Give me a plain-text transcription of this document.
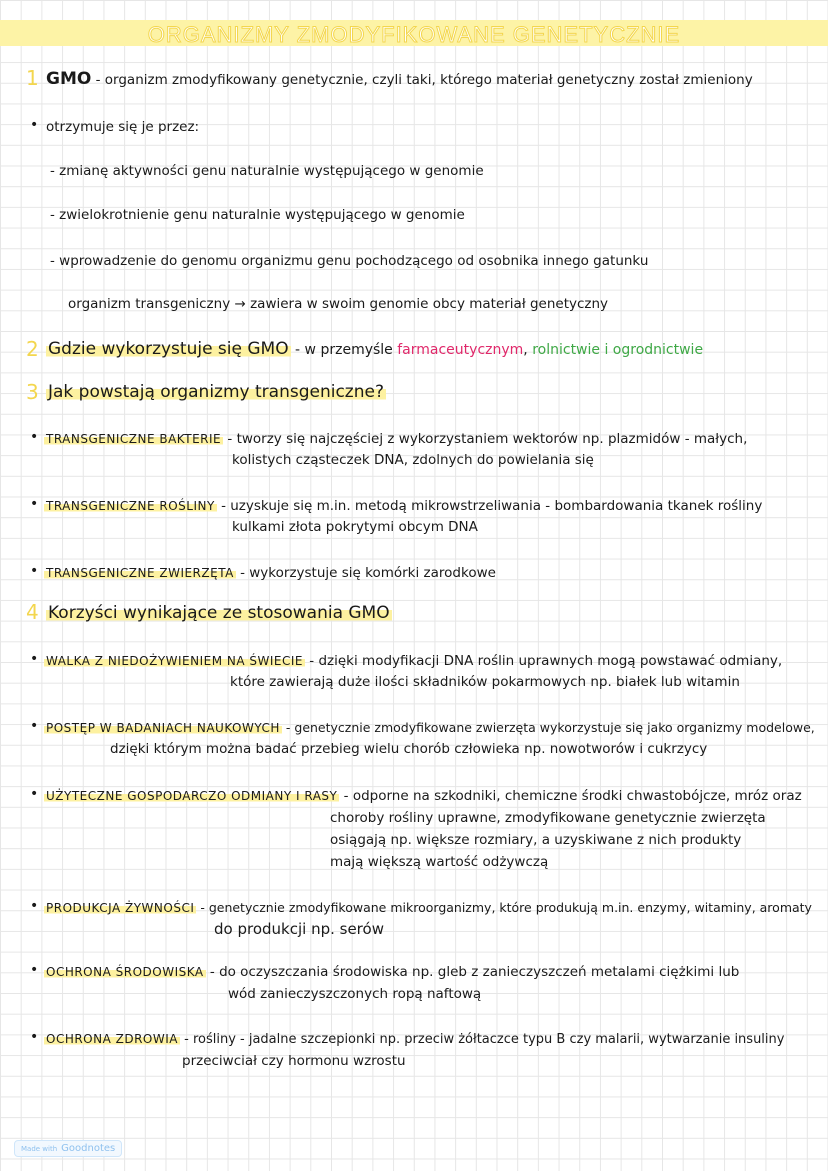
ORGANIZMY ZMODYFIKOWANE GENETYCZNIE
1 GMO - organizm zmodyfikowany genetycznie, czyli taki, którego materiał genetyczny został zmieniony
• otrzymuje się je przez:
- zmianę aktywności genu naturalnie występującego w genomie
- zwielokrotnienie genu naturalnie występującego w genomie
- wprowadzenie do genomu organizmu genu pochodzącego od osobnika innego gatunku
organizm transgeniczny → zawiera w swoim genomie obcy materiał genetyczny
2 Gdzie wykorzystuje się GMO - w przemyśle farmaceutycznym, rolnictwie i ogrodnictwie
3 Jak powstają organizmy transgeniczne?
• TRANSGENICZNE BAKTERIE - tworzy się najczęściej z wykorzystaniem wektorów np. plazmidów - małych,
kolistych cząsteczek DNA, zdolnych do powielania się
• TRANSGENICZNE ROŚLINY - uzyskuje się m.in. metodą mikrowstrzeliwania - bombardowania tkanek rośliny
kulkami złota pokrytymi obcym DNA
• TRANSGENICZNE ZWIERZĘTA - wykorzystuje się komórki zarodkowe
4 Korzyści wynikające ze stosowania GMO
• WALKA Z NIEDOŻYWIENIEM NA ŚWIECIE - dzięki modyfikacji DNA roślin uprawnych mogą powstawać odmiany,
które zawierają duże ilości składników pokarmowych np. białek lub witamin
• POSTĘP W BADANIACH NAUKOWYCH - genetycznie zmodyfikowane zwierzęta wykorzystuje się jako organizmy modelowe,
dzięki którym można badać przebieg wielu chorób człowieka np. nowotworów i cukrzycy
• UŻYTECZNE GOSPODARCZO ODMIANY I RASY - odporne na szkodniki, chemiczne środki chwastobójcze, mróz oraz
choroby rośliny uprawne, zmodyfikowane genetycznie zwierzęta
osiągają np. większe rozmiary, a uzyskiwane z nich produkty
mają większą wartość odżywczą
• PRODUKCJA ŻYWNOŚCI - genetycznie zmodyfikowane mikroorganizmy, które produkują m.in. enzymy, witaminy, aromaty
do produkcji np. serów
• OCHRONA ŚRODOWISKA - do oczyszczania środowiska np. gleb z zanieczyszczeń metalami ciężkimi lub
wód zanieczyszczonych ropą naftową
• OCHRONA ZDROWIA - rośliny - jadalne szczepionki np. przeciw żółtaczce typu B czy malarii, wytwarzanie insuliny
przeciwciał czy hormonu wzrostu
Made with Goodnotes
